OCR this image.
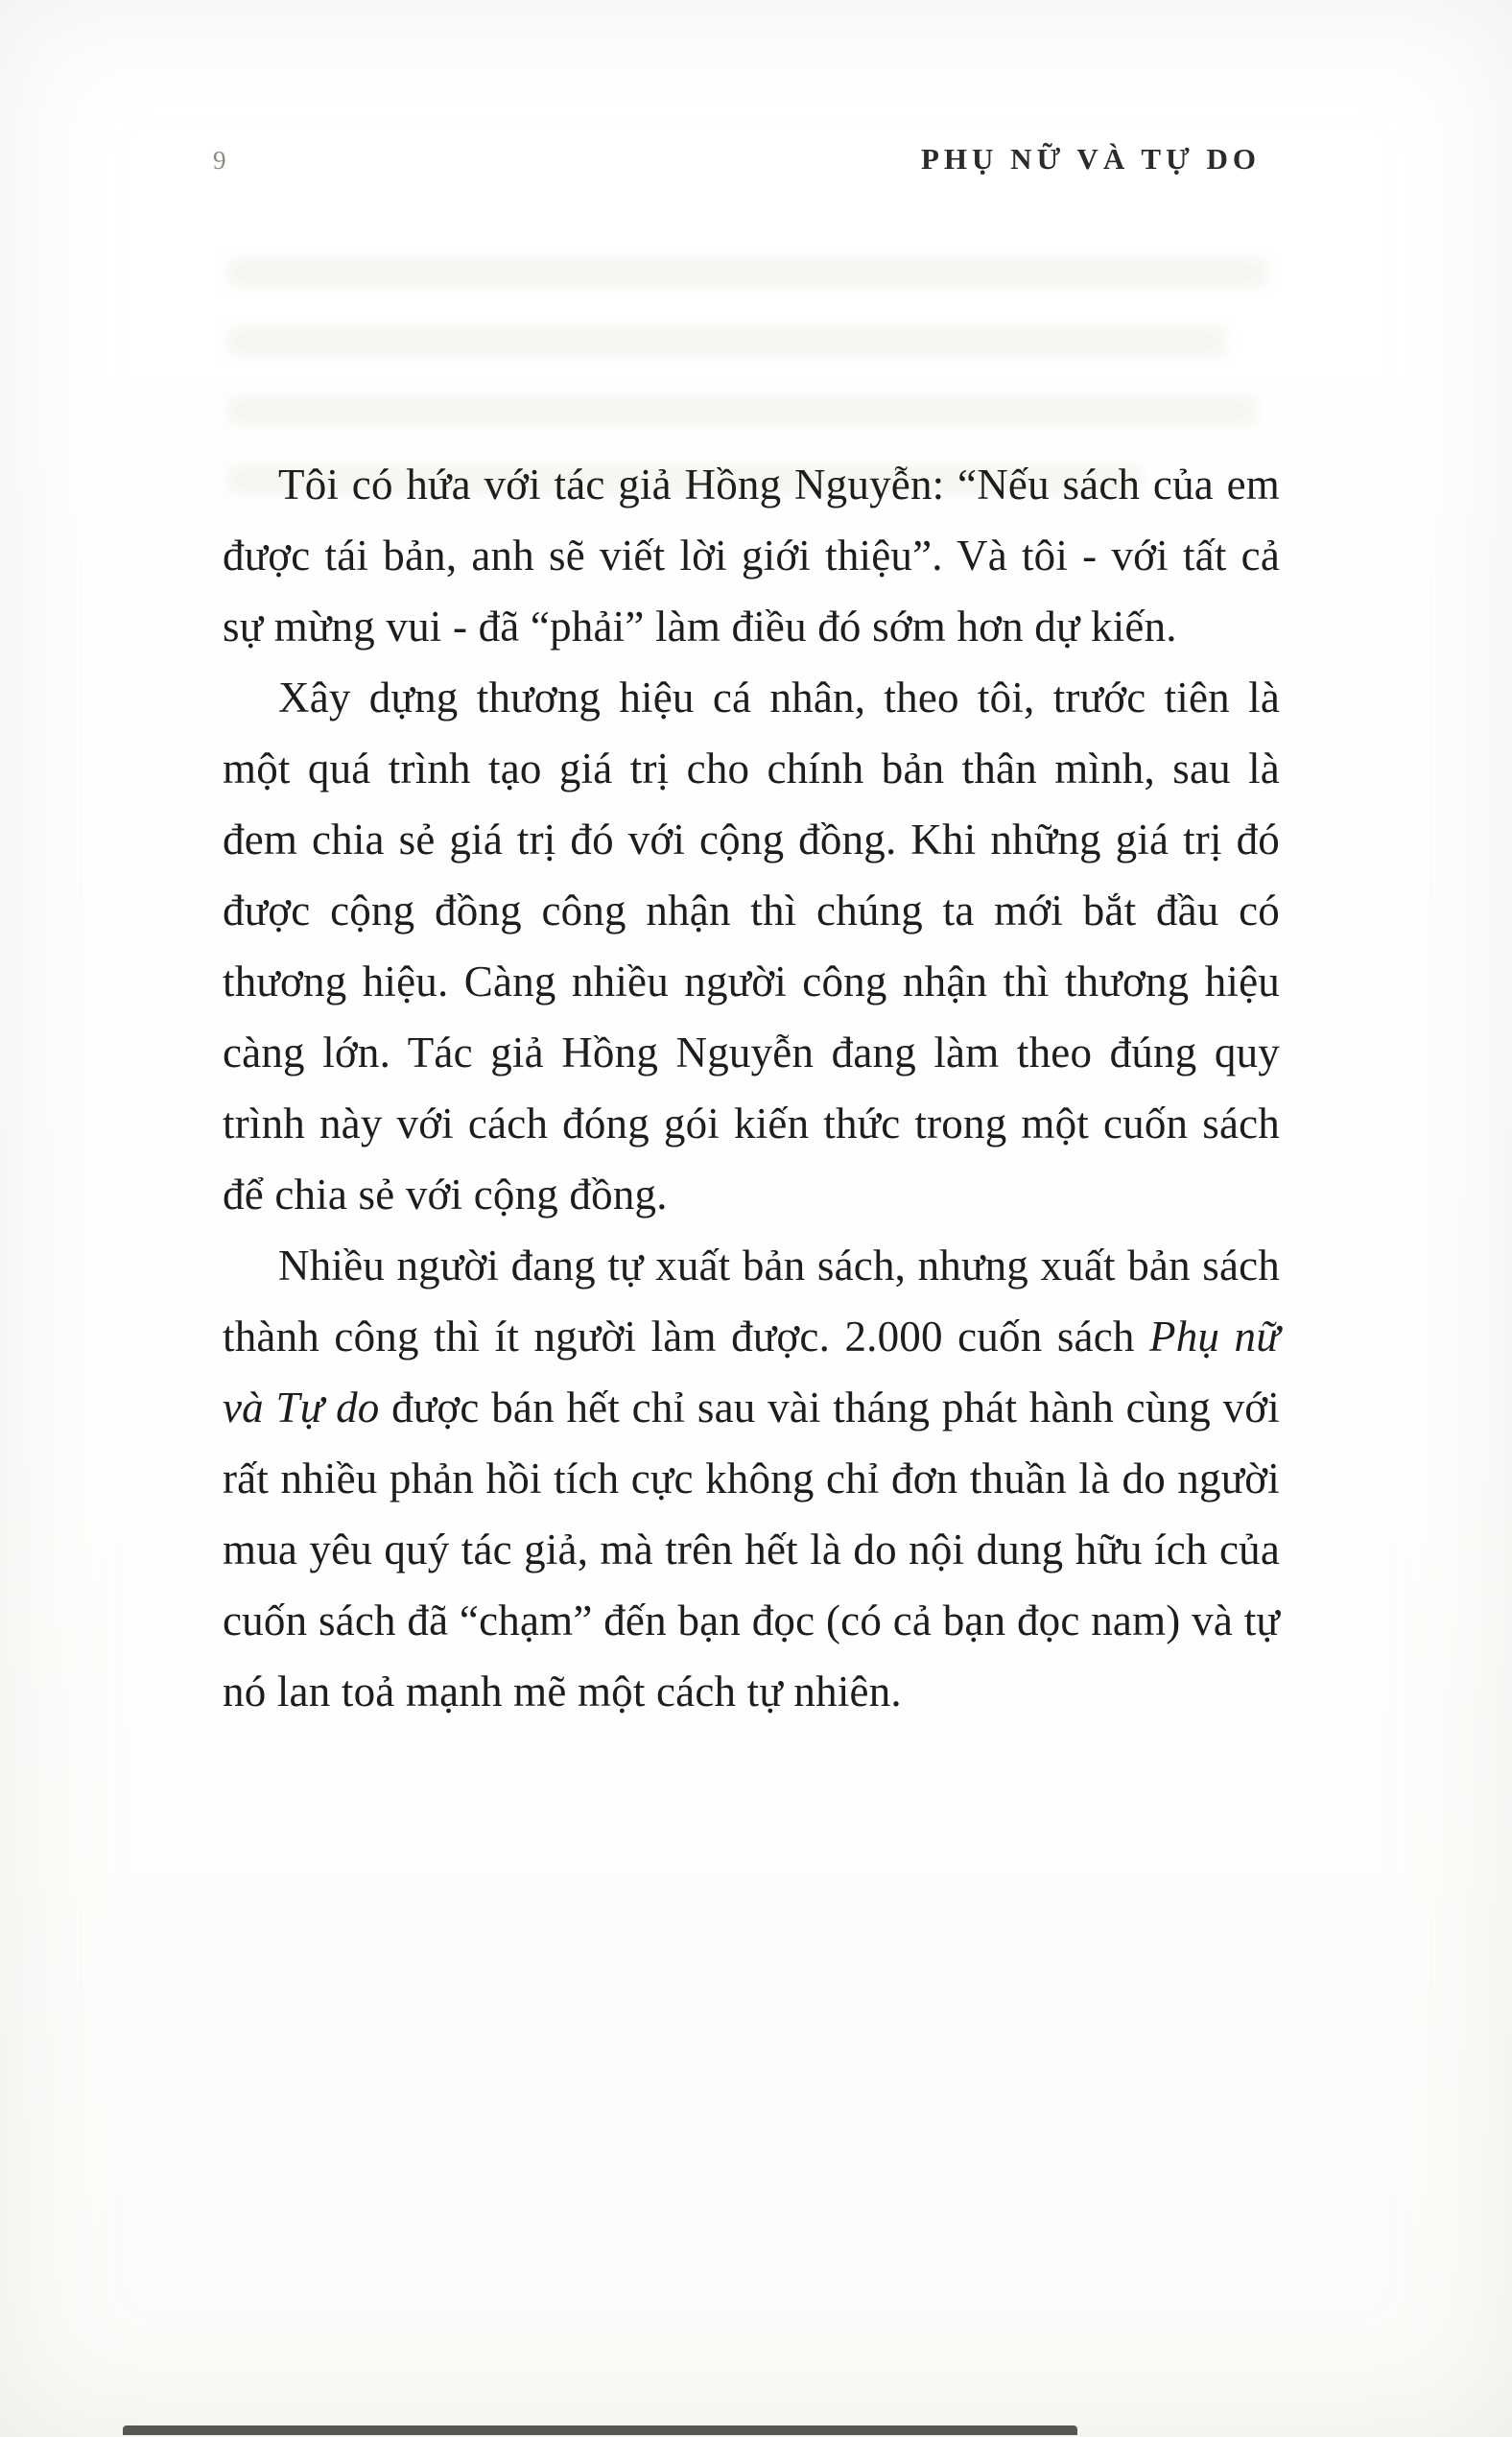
9	PHỤ NỮ VÀ TỰ DO

Tôi có hứa với tác giả Hồng Nguyễn: “Nếu sách của em được tái bản, anh sẽ viết lời giới thiệu”. Và tôi - với tất cả sự mừng vui - đã “phải” làm điều đó sớm hơn dự kiến.

Xây dựng thương hiệu cá nhân, theo tôi, trước tiên là một quá trình tạo giá trị cho chính bản thân mình, sau là đem chia sẻ giá trị đó với cộng đồng. Khi những giá trị đó được cộng đồng công nhận thì chúng ta mới bắt đầu có thương hiệu. Càng nhiều người công nhận thì thương hiệu càng lớn. Tác giả Hồng Nguyễn đang làm theo đúng quy trình này với cách đóng gói kiến thức trong một cuốn sách để chia sẻ với cộng đồng.

Nhiều người đang tự xuất bản sách, nhưng xuất bản sách thành công thì ít người làm được. 2.000 cuốn sách Phụ nữ và Tự do được bán hết chỉ sau vài tháng phát hành cùng với rất nhiều phản hồi tích cực không chỉ đơn thuần là do người mua yêu quý tác giả, mà trên hết là do nội dung hữu ích của cuốn sách đã “chạm” đến bạn đọc (có cả bạn đọc nam) và tự nó lan toả mạnh mẽ một cách tự nhiên.
